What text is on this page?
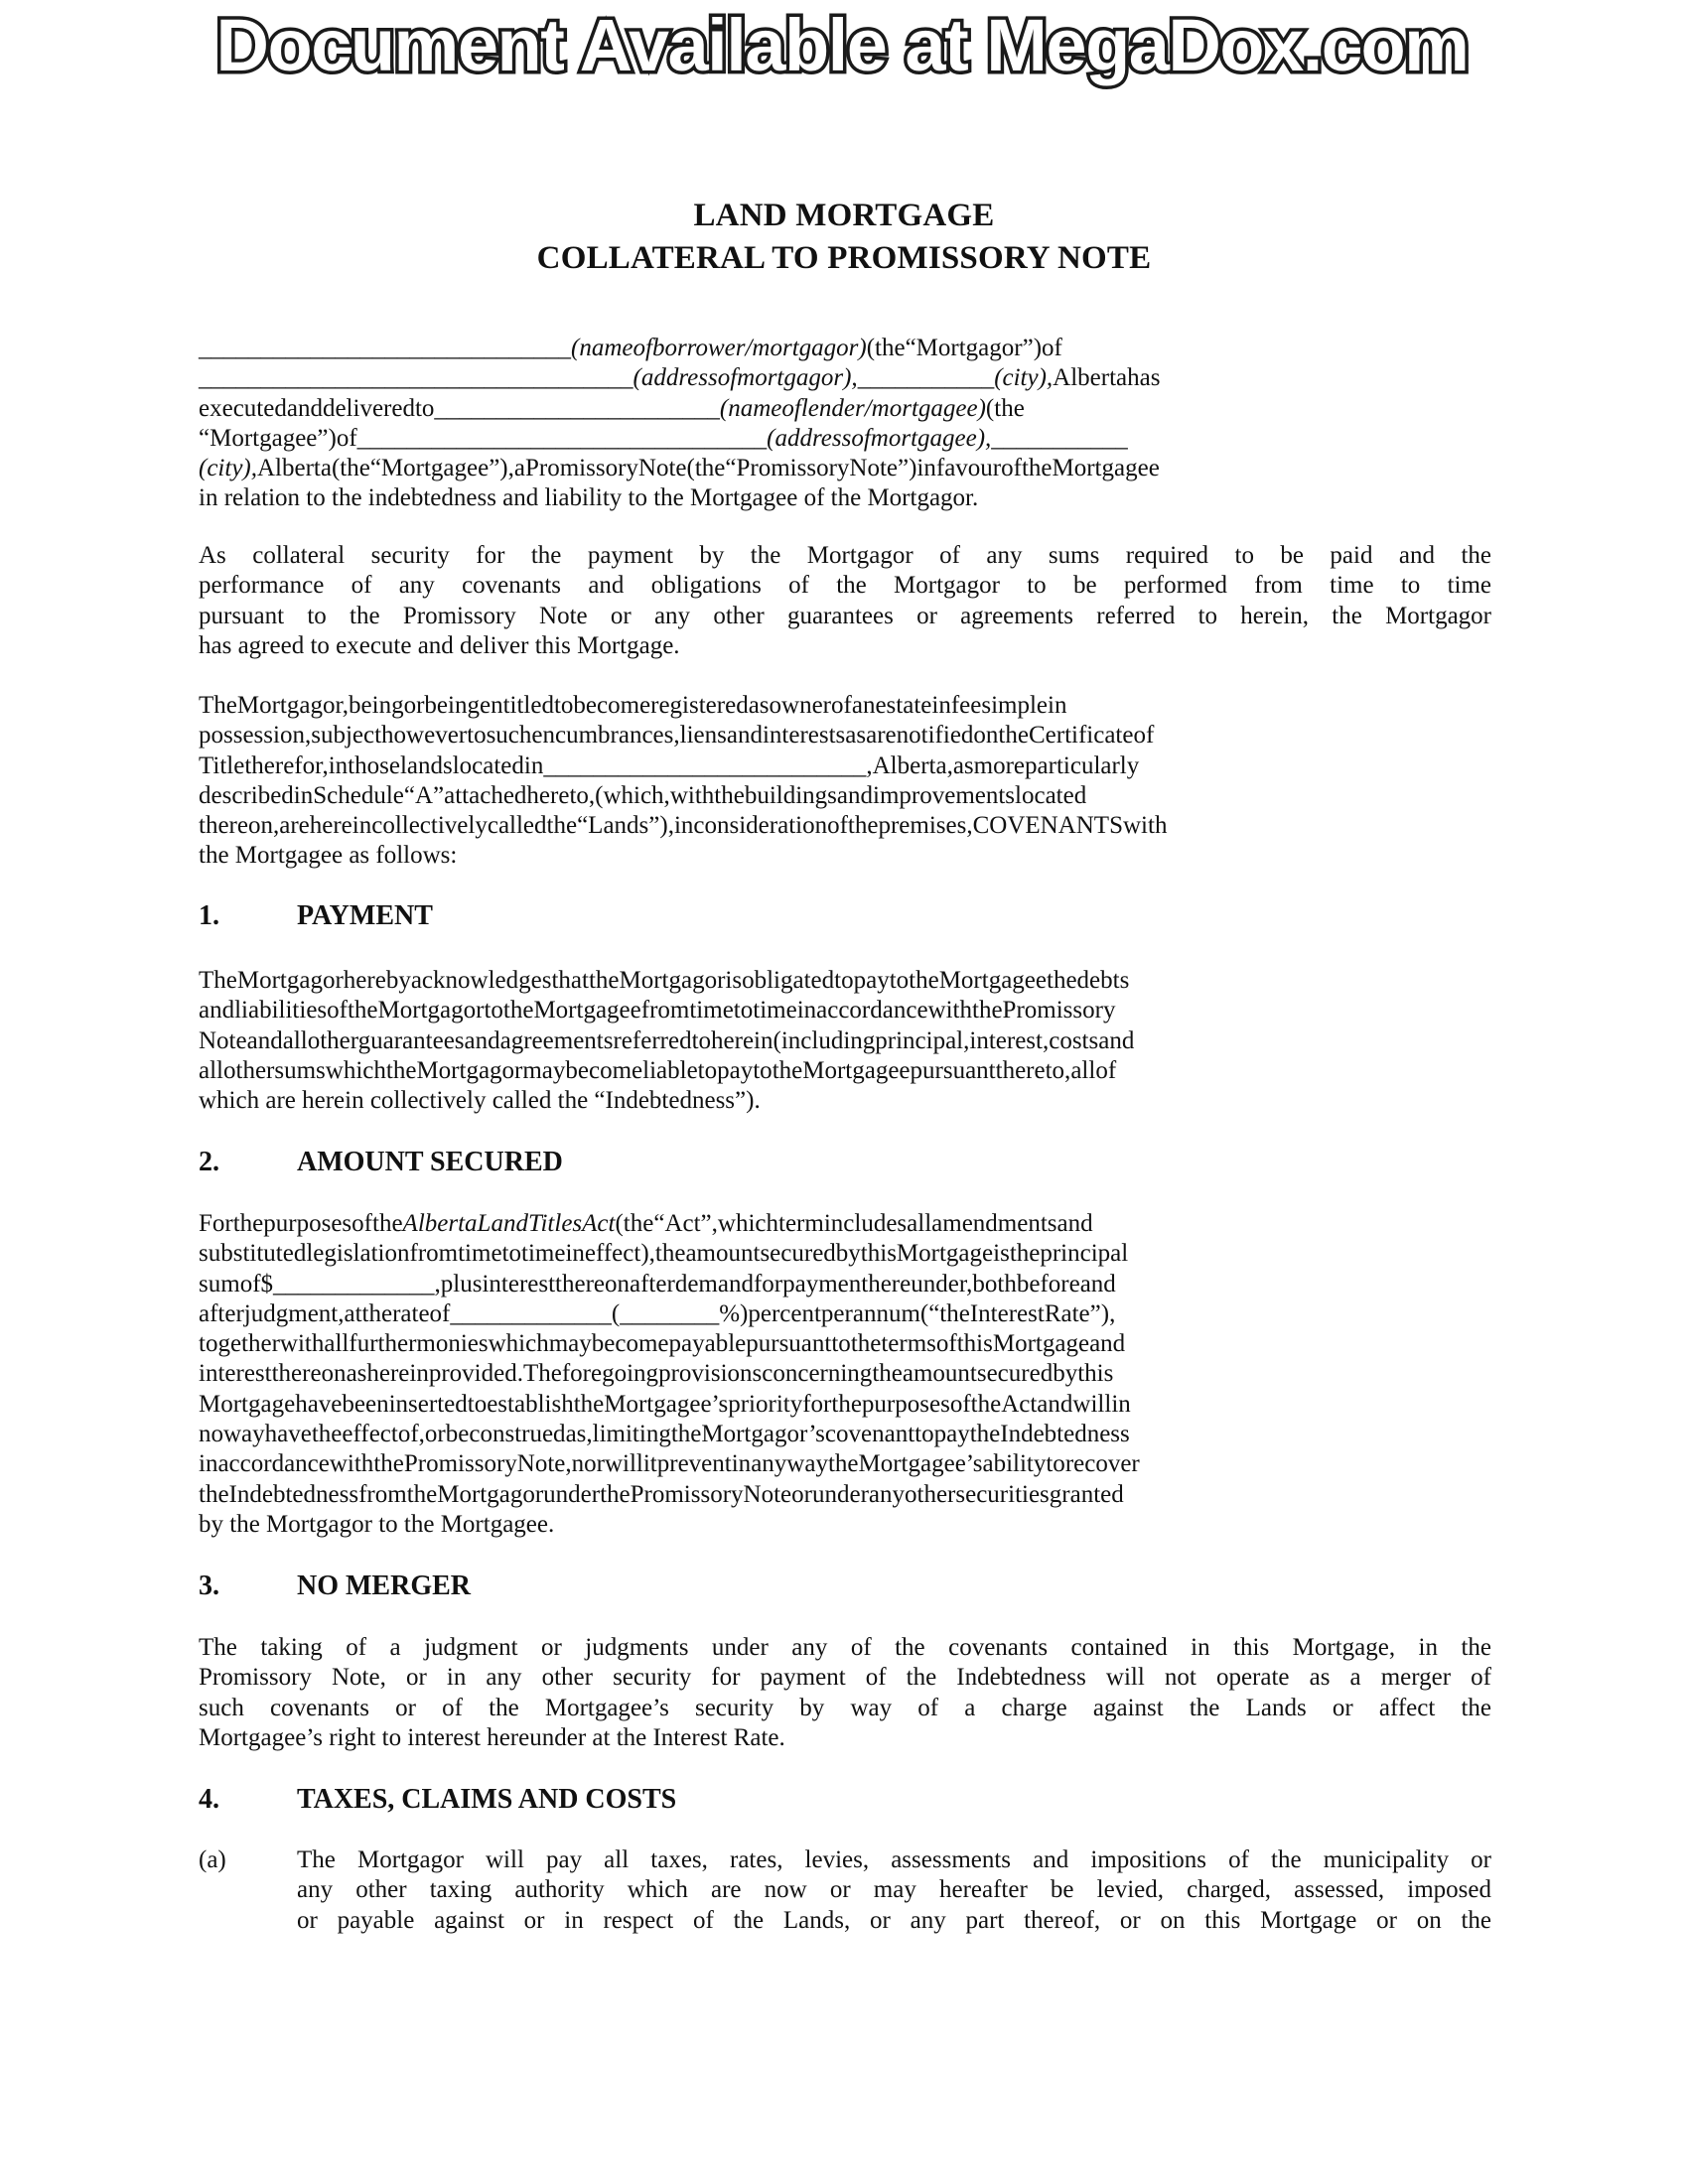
Document Available at MegaDox.com
LAND MORTGAGE
COLLATERAL TO PROMISSORY NOTE
______________________________(nameofborrower/mortgagor)(the“Mortgagor”)of
___________________________________(addressofmortgagor),___________(city),Albertahas
executedanddeliveredto_______________________(nameoflender/mortgagee)(the
“Mortgagee”)of_________________________________(addressofmortgagee),___________
(city),Alberta(the“Mortgagee”),aPromissoryNote(the“PromissoryNote”)infavouroftheMortgagee
in relation to the indebtedness and liability to the Mortgagee of the Mortgagor.
As collateral security for the payment by the Mortgagor of any sums required to be paid and the
performance of any covenants and obligations of the Mortgagor to be performed from time to time
pursuant to the Promissory Note or any other guarantees or agreements referred to herein, the Mortgagor
has agreed to execute and deliver this Mortgage.
TheMortgagor,beingorbeingentitledtobecomeregisteredasownerofanestateinfeesimplein
possession,subjecthowevertosuchencumbrances,liensandinterestsasarenotifiedontheCertificateof
Titletherefor,inthoselandslocatedin__________________________,Alberta,asmoreparticularly
describedinSchedule“A”attachedhereto,(which,withthebuildingsandimprovementslocated
thereon,arehereincollectivelycalledthe“Lands”),inconsiderationofthepremises,COVENANTSwith
the Mortgagee as follows:
1.	PAYMENT
TheMortgagorherebyacknowledgesthattheMortgagorisobligatedtopaytotheMortgageethedebts
andliabilitiesoftheMortgagortotheMortgageefromtimetotimeinaccordancewiththePromissory
Noteandallotherguaranteesandagreementsreferredtoherein(includingprincipal,interest,costsand
allothersumswhichtheMortgagormaybecomeliabletopaytotheMortgageepursuantthereto,allof
which are herein collectively called the “Indebtedness”).
2.	AMOUNT SECURED
ForthepurposesoftheAlbertaLandTitlesAct(the“Act”,whichtermincludesallamendmentsand
substitutedlegislationfromtimetotimeineffect),theamountsecuredbythisMortgageistheprincipal
sumof$_____________,plusinterestthereonafterdemandforpaymenthereunder,bothbeforeand
afterjudgment,attherateof_____________(________%)percentperannum(“theInterestRate”),
togetherwithallfurthermonieswhichmaybecomepayablepursuanttothetermsofthisMortgageand
interestthereonashereinprovided.Theforegoingprovisionsconcerningtheamountsecuredbythis
MortgagehavebeeninsertedtoestablishtheMortgagee’spriorityforthepurposesoftheActandwillin
nowayhavetheeffectof,orbeconstruedas,limitingtheMortgagor’scovenanttopaytheIndebtedness
inaccordancewiththePromissoryNote,norwillitpreventinanywaytheMortgagee’sabilitytorecover
theIndebtednessfromtheMortgagorunderthePromissoryNoteorunderanyothersecuritiesgranted
by the Mortgagor to the Mortgagee.
3.	NO MERGER
The taking of a judgment or judgments under any of the covenants contained in this Mortgage, in the
Promissory Note, or in any other security for payment of the Indebtedness will not operate as a merger of
such covenants or of the Mortgagee’s security by way of a charge against the Lands or affect the
Mortgagee’s right to interest hereunder at the Interest Rate.
4.	TAXES, CLAIMS AND COSTS
(a)	The Mortgagor will pay all taxes, rates, levies, assessments and impositions of the municipality or
any other taxing authority which are now or may hereafter be levied, charged, assessed, imposed
or payable against or in respect of the Lands, or any part thereof, or on this Mortgage or on the
